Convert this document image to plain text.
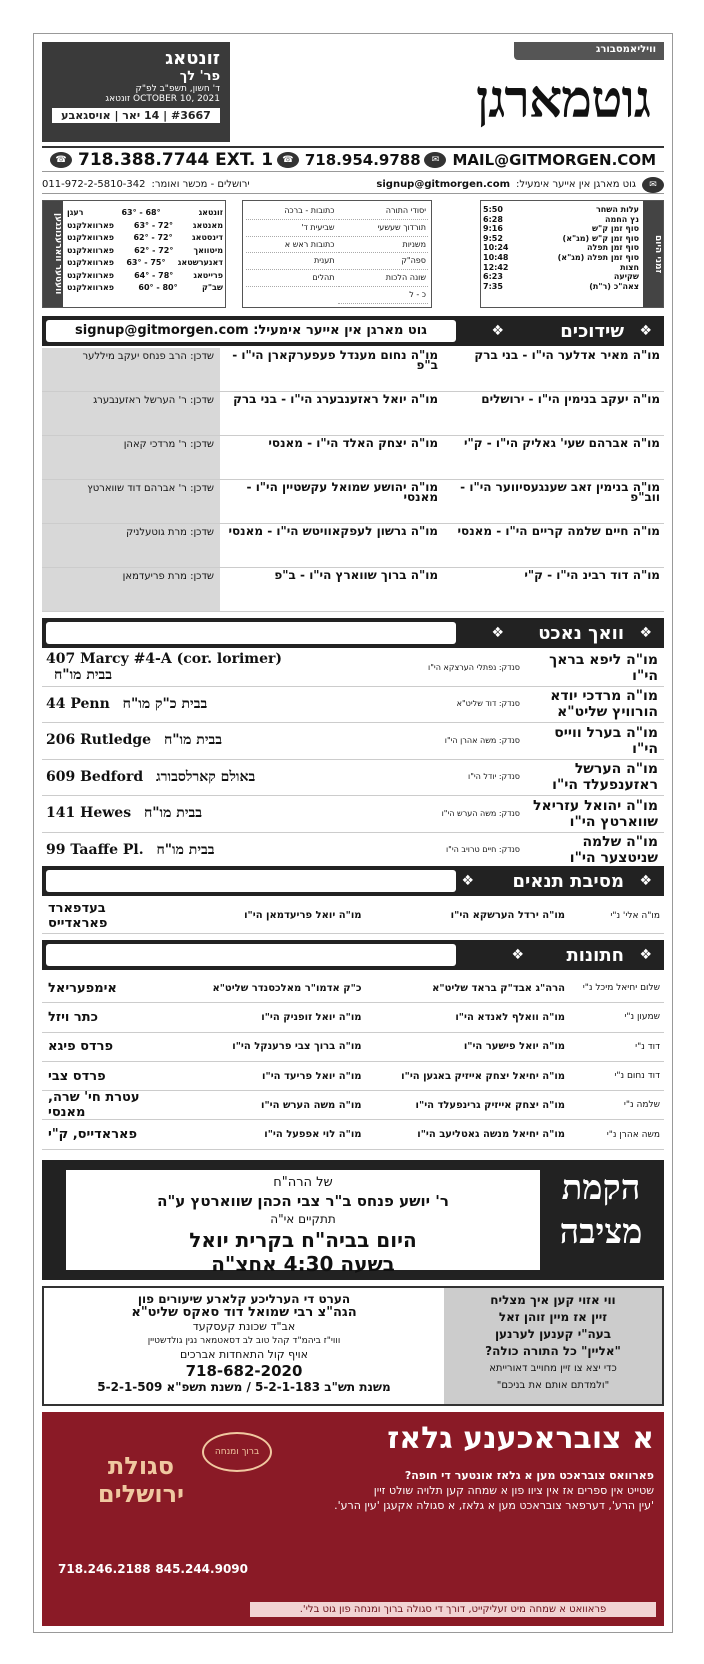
זונטאג
פר' לך
ד' חשון, תשפ"ב לפ"ק
OCTOBER 10, 2021 זונטאג
#3667 | 14 יאר | אויסגאבע
וויליאמסבורג
גוטמארגן
☎ 718.388.7744 EXT. 1	☎ 718.954.9788	✉ MAIL@GITMORGEN.COM
✉
גוט מארגן אין אייער אימעיל:
signup@gitmorgen.com
ירושלים - מכשר ואומר:
011-972-2-5810-342
זמני היום
עלות השחר
5:50
נץ החמה
6:28
סוף זמן ק"ש
9:16
סוף זמן ק"ש (מג"א)
9:52
סוף זמן תפלה
10:24
סוף זמן תפלה (מג"א)
10:48
חצות
12:42
שקיעה
6:23
צאה"כ (ר"ת)
7:35
יסודי התורה
כתובות - ברכה
תורדוך שעשעי
שביעית ד'
משניות
כתובות ראש א
ספה"ק
תענית
שונה הלכות
תהלים
כ - ל
וועטער ווארענונגען
זונטאג
68° - 63°
רעגן
מאנטאג
72° - 63°
פארוואלקנט
דינסטאג
72° - 62°
פארוואלקנט
מיטוואך
72° - 62°
פארוואלקנט
דאנערשטאג
75° - 63°
פארוואלקנט
פרייטאג
78° - 64°
פארוואלקנט
שב"ק
80° - 60°
פארוואלקנט
גוט מארגן אין אייער אימעיל: signup@gitmorgen.com	❖
שידוכים
❖
מו"ה מאיר אדלער הי"ו - בני ברק
מו"ה נחום מענדל פעפערקארן הי"ו - ב"פ
שדכן: הרב פנחס יעקב מיללער
מו"ה יעקב בנימין הי"ו - ירושלים
מו"ה יואל ראזענבערג הי"ו - בני ברק
שדכן: ר' הערשל ראזענבערג
מו"ה אברהם שעי' גאליק הי"ו - ק"י
מו"ה יצחק האלד הי"ו - מאנסי
שדכן: ר' מרדכי קאהן
מו"ה בנימין זאב שענגעסיווער הי"ו - ווב"פ
מו"ה יהושע שמואל עקשטיין הי"ו - מאנסי
שדכן: ר' אברהם דוד שווארטץ
מו"ה חיים שלמה קריים הי"ו - מאנסי
מו"ה גרשון לעפקאוויטש הי"ו - מאנסי
שדכן: מרת גוטעלניק
מו"ה דוד רבינ הי"ו - ק"י
מו"ה ברוך שווארץ הי"ו - ב"פ
שדכן: מרת פריעדמאן
❖
וואך נאכט
❖
מו"ה ליפא בראך הי"ו
סנדק: נפתלי הערצקא הי"ו
407 Marcy #4-A (cor. lorimer) בבית מו"ח
מו"ה מרדכי יודא הורוויץ שליט"א
סנדק: דוד שליט"א
44 Penn בבית כ"ק מו"ח
מו"ה בערל ווייס הי"ו
סנדק: משה אהרן הי"ו
206 Rutledge בבית מו"ח
מו"ה הערשל ראזענפעלד הי"ו
סנדק: יודל הי"ו
609 Bedford באולם קארלסבורג
מו"ה יהואל עזריאל שווארטץ הי"ו
סנדק: משה הערש הי"ו
141 Hewes בבית מו"ח
מו"ה שלמה שניטצער הי"ו
סנדק: חיים טרויב הי"ו
99 Taaffe Pl. בבית מו"ח
❖
מסיבת תנאים
❖
מו"ה אלי' נ"י
מו"ה ירדל הערשקא הי"ו
מו"ה יואל פריעדמאן הי"ו
בעדפארד פאראדייס
❖
חתונות
❖
שלום יחיאל מיכל נ"י
הרה"ג אבד"ק בראד שליט"א
כ"ק אדמו"ר מאלכסנדר שליט"א
אימפעריאל
שמעון נ"י
מו"ה וואלף לאנדא הי"ו
מו"ה יואל זופניק הי"ו
כתר ויזל
דוד נ"י
מו"ה יואל פישער הי"ו
מו"ה ברוך צבי פרענקל הי"ו
פרדס פיגא
דוד נחום נ"י
מו"ה יחיאל יצחק אייזיק באגען הי"ו
מו"ה יואל פריעד הי"ו
פרדס צבי
שלמה נ"י
מו"ה יצחק אייזיק גרינפעלד הי"ו
מו"ה משה הערש הי"ו
עטרת חי' שרה, מאנסי
משה אהרן נ"י
מו"ה יחיאל מנשה גאטליעב הי"ו
מו"ה לוי אפפעל הי"ו
פאראדייס, ק"י
הקמת
מציבה
של הרה"ח
ר' יושע פנחס ב"ר צבי הכהן שווארטץ ע"ה
תתקיים אי"ה
היום בביה"ח בקרית יואל
בשעה 4:30 אחצ"ה
ווי אזוי קען איך מצליח
זיין אז מיין זוהן זאל
בעה"י קענען לערנען
"אליין" כל התורה כולה?
כדי יצא צו זיין מחוייב דאורייתא
"ולמדתם אותם את בניכם"
הערט די הערליכע קלארע שיעורים פון
הגה"צ רבי שמואל דוד סאקס שליט"א
אב"ד שכונת קעסקעד
וווי"ז ביהמ"ד קהל טוב לב דסאטמאר נגין גולדשטיין
אויף קול התאחדות אברכים
718-682-2020
משנת תש"ב 5-2-1-183 / משנת תשפ"א 5-2-1-509
א צובראכענע גלאז
פארוואס צובראכט מען א גלאז אונטער די חופה?
שטייט אין ספרים אז אין ציוו פון א שמחה קען תלויה שולט זיין
'עין הרע', דערפאר צובראכט מען א גלאז, א סגולה אקעגן 'עין הרע'.
פראוואט א שמחה מיט זעליקייט, דורך די סגולה ברוך ומנחה פון גוט בלי'.
ברוך ומנחה
סגולת ירושלים
718.246.2188 845.244.9090
